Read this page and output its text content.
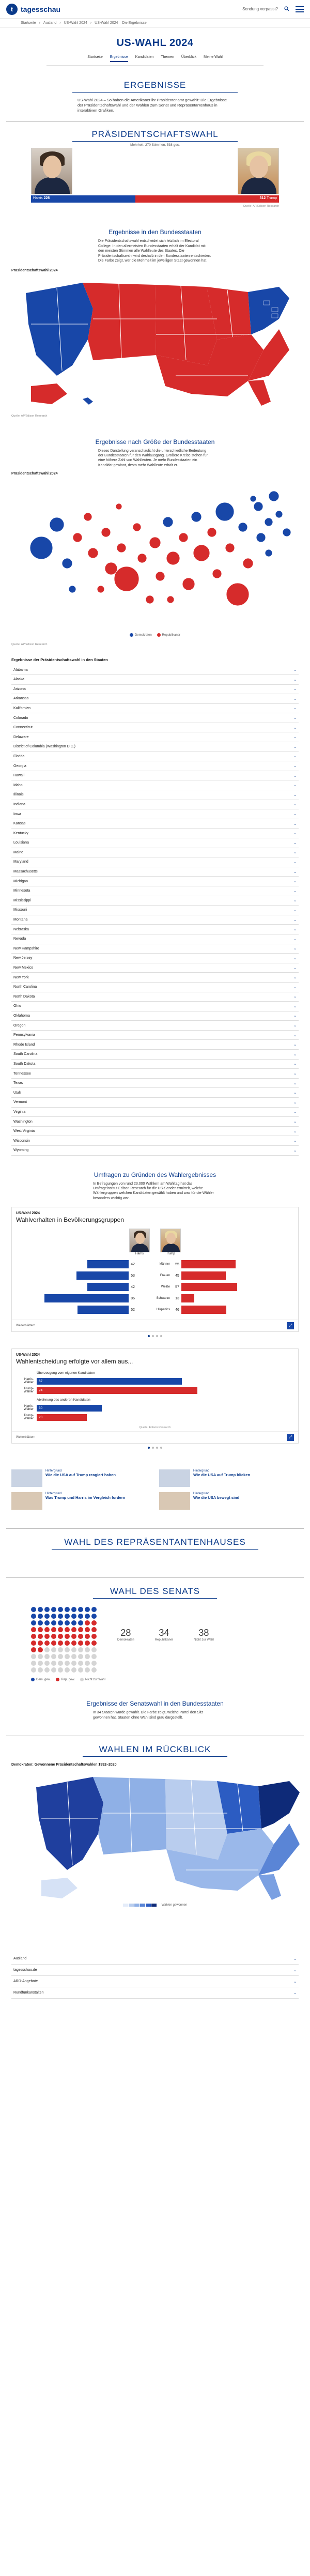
t	tagesschau	Sendung verpasst?
Startseite › Ausland › US-Wahl 2024 › US-Wahl 2024 – Die Ergebnisse
US-WAHL 2024
Startseite Ergebnisse Kandidaten Themen Überblick Meine Wahl
ERGEBNISSE
US-Wahl 2024 – So haben die Amerikaner ihr Präsidentenamt gewählt: Die Ergebnisse der Präsidentschaftswahl und der Wahlen zum Senat und Repräsentantenhaus in interaktiven Grafiken.
PRÄSIDENTSCHAFTSWAHL
Mehrheit: 270 Stimmen, 538 ges.
Harris 226	312 Trump
Quelle: AP/Edison Research
Ergebnisse in den Bundesstaaten
Die Präsidentschaftswahl entscheidet sich letztlich im Electoral College. In den allermeisten Bundesstaaten erhält der Kandidat mit den meisten Stimmen alle Wahlleute des Staates. Die Präsidentschaftswahl wird deshalb in den Bundesstaaten entschieden. Die Farbe zeigt, wer die Mehrheit im jeweiligen Staat gewonnen hat.
Präsidentschaftswahl 2024
Quelle: AP/Edison Research
Ergebnisse nach Größe der Bundesstaaten
Dieses Darstellung veranschaulicht die unterschiedliche Bedeutung der Bundesstaaten für den Wahlausgang. Größere Kreise stehen für eine höhere Zahl von Wahlleuten. Je mehr Bundesstaaten ein Kandidat gewinnt, desto mehr Wahlleute erhält er.
Präsidentschaftswahl 2024
Demokraten	Republikaner
Quelle: AP/Edison Research
Ergebnisse der Präsidentschaftswahl in den Staaten
Alabama	⌄
Alaska	⌄
Arizona	⌄
Arkansas	⌄
Kalifornien	⌄
Colorado	⌄
Connecticut	⌄
Delaware	⌄
District of Columbia (Washington D.C.)	⌄
Florida	⌄
Georgia	⌄
Hawaii	⌄
Idaho	⌄
Illinois	⌄
Indiana	⌄
Iowa	⌄
Kansas	⌄
Kentucky	⌄
Louisiana	⌄
Maine	⌄
Maryland	⌄
Massachusetts	⌄
Michigan	⌄
Minnesota	⌄
Mississippi	⌄
Missouri	⌄
Montana	⌄
Nebraska	⌄
Nevada	⌄
New Hampshire	⌄
New Jersey	⌄
New Mexico	⌄
New York	⌄
North Carolina	⌄
North Dakota	⌄
Ohio	⌄
Oklahoma	⌄
Oregon	⌄
Pennsylvania	⌄
Rhode Island	⌄
South Carolina	⌄
South Dakota	⌄
Tennessee	⌄
Texas	⌄
Utah	⌄
Vermont	⌄
Virginia	⌄
Washington	⌄
West Virginia	⌄
Wisconsin	⌄
Wyoming	⌄
Umfragen zu Gründen des Wahlergebnisses
In Befragungen von rund 23.000 Wählern am Wahltag hat das Umfrageinstitut Edison Research für die US-Sender ermittelt, welche Wählergruppen welchen Kandidaten gewählt haben und was für die Wähler besonders wichtig war.
US-Wahl 2024
Wahlverhalten in Bevölkerungsgruppen
Harris	Trump
42	Männer	55
53	Frauen	45
42	Weiße	57
86	Schwarze	13
52	Hispanics	46
Weiterblättern	⤢
US-Wahl 2024
Wahlentscheidung erfolgte vor allem aus...
Überzeugung vom eigenen Kandidaten
Harris-Wähler	67
Trump-Wähler	74
Ablehnung des anderen Kandidaten
Harris-Wähler	30
Trump-Wähler	23
Quelle: Edison Research
Weiterblättern	⤢
Hintergrund
Wie die USA auf Trump reagiert haben
Hintergrund
Was Trump und Harris im Vergleich fordern
Hintergrund
Wie die USA auf Trump blicken
Hintergrund
Wie die USA bewegt sind
WAHL DES REPRÄSENTANTENHAUSES
WAHL DES SENATS
28
Demokraten
34
Republikaner
38
Nicht zur Wahl
Dem. gew.	Rep. gew.	Nicht zur Wahl
Ergebnisse der Senatswahl in den Bundesstaaten
In 34 Staaten wurde gewählt. Die Farbe zeigt, welche Partei den Sitz gewonnen hat. Staaten ohne Wahl sind grau dargestellt.
WAHLEN IM RÜCKBLICK
Demokraten: Gewonnene Präsidentschaftswahlen 1992–2020
Wahlen gewonnen
Ausland	⌄
tagesschau.de	⌄
ARD-Angebote	⌄
Rundfunkanstalten	⌄
